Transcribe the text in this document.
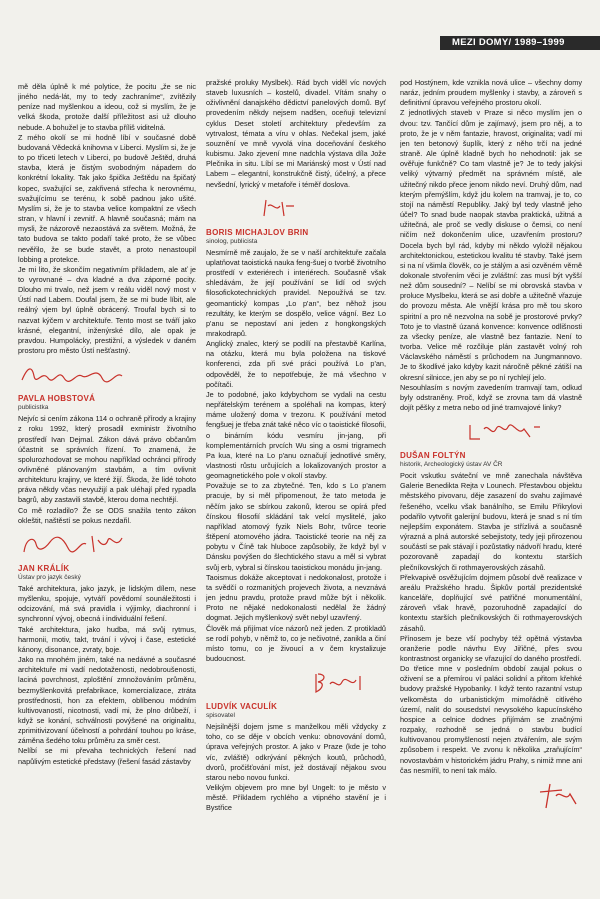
MEZI DOMY/ 1989–1999

mě děla úplně k mé polytice, že pocitu „že se nic jiného nedá-lát, my to tedy zachraníme“, zvítězily peníze nad myšlenkou a ideou, což si myslím, že je velká škoda, protože další příležitost asi už dlouho nebude. A bohužel je to stavba příliš viditelná.

Z mého okolí se mi hodně líbí v současné době budovaná Vědecká knihovna v Liberci. Myslím si, že je to po třiceti letech v Liberci, po budově Ještěd, druhá stavba, která je čistým svobodným nápadem do konkrétní lokality. Tak jako špička Ještědu na špičatý kopec, svažující se, zakřivená střecha k nerovnému, svažujícímu se terénu, k sobě padnou jako ušité. Myslím si, že je to stavba velice kompaktní ze všech stran, v hlavní i zevnitř. A hlavně současná; mám na mysli, že názorově nezaostává za světem. Možná, že tato budova se takto podaří také proto, že se vůbec nevěřilo, že se bude stavět, a proto nenastoupil lobbing a protekce.

Je mi lito, že skončím negativním příkladem, ale ať je to vyrovnané – dva kladné a dva záporné pocity. Dlouho mi trvalo, než jsem v reálu viděl nový most v Ústí nad Labem. Doufal jsem, že se mi bude líbit, ale reálný vjem byl úplně obrácený. Troufal bych si to nazvat kýčem v architektuře. Tento most se tváří jako krásné, elegantní, inženýrské dílo, ale opak je pravdou. Humpolácky, prestižní, a výsledek v daném prostoru pro město Ústí nešťastný.

PAVLA HOBSTOVÁ
publicistka

Nejvíc si cením zákona 114 o ochraně přírody a krajiny z roku 1992, který prosadil exministr životního prostředí Ivan Dejmal. Zákon dává právo občanům účastnit se správních řízení. To znamená, že spolurozhodovat se mohou například ochránci přírody ovlivněné plánovaným stavbám, a tím ovlivnit architekturu krajiny, ve které žijí. Škoda, že lidé tohoto práva někdy včas nevyužijí a pak uléhají před rypadla bagrů, aby zastavili stavbě, kterou doma nechtějí.

Co mě rozladilo? Že se ODS snažila tento zákon okleštit, naštěstí se pokus nezdařil.

JAN KRÁLÍK
Ústav pro jazyk český

Také architektura, jako jazyk, je lidským dílem, nese myšlenku, spojuje, vytváří povědomí sounáležitosti i odcizování, má svá pravidla i výjimky, diachronní i synchronní vývoj, obecná i individuální řešení.

Také architektura, jako hudba, má svůj rytmus, harmonii, motiv, takt, trvání i vývoj i čase, estetické kánony, disonance, zvraty, boje.

Jako na mnohém jiném, také na nedávné a současné architektuře mi vadí nedotaženosti, nedobroušenosti, laciná povrchnost, zploštění zmnožováním průměru, bezmyšlenkovitá prefabrikace, komercializace, ztráta prostřednosti, hon za efektem, oblíbenou módním kultivovaností, nicotnosti, vadí mi, že plno drůbeží, i když se konání, schválnosti povýšené na originalitu, zprimitivizovaní účelností a pohrdání touhou po kráse, záměna šedého toku průměru za směr cest.

Nelíbí se mi převaha technických řešení nad napůlivým estetické představy (řešení fasád zástavby

pražské proluky Myslbek). Rád bych viděl víc nových staveb luxusních – kostelů, divadel. Vítám snahy o oživlivnění danajského dědictví panelových domů. Byť provedením někdy nejsem nadšen, oceňuji televizní cyklus Deset století architektury především za vytrvalost, témata a víru v ohlas. Nečekal jsem, jaké souznění ve mně vyvolá vína doceňování českého kubismu. Jako zjevení mne nadchla výstava díla Jože Plečnika in situ. Líbí se mi Mariánský most v Ústí nad Labem – elegantní, konstrukčně čistý, účelný, a přece nevšední, lyrický v metafoře i téměř doslova.

BORIS MICHAJLOV BRIN
sinolog, publicista

Nesmírně mě zaujalo, že se v naší architektuře začala uplatňovat taoistická nauka feng-šuej o tvorbě životního prostředí v exteriérech i interiérech. Současně však shledávám, že její používání se lidí od svých filosofickotechnických pravidel. Nepoužívá se tzv. geomantický kompas „Lo p'an“, bez něhož jsou rezultáty, ke kterým se dospělo, velice vágní. Bez Lo p'anu se nepostaví ani jeden z hongkongských mrakodrapů.

Anglický znalec, který se podílí na přestavbě Karlína, na otázku, která mu byla položena na tiskové konferenci, zda při své práci používá Lo p'an, odpověděl, že to nepotřebuje, že má všechno v počítači.

Je to podobné, jako kdybychom se vydali na cestu nepřátelským terénem a spoléhali na kompas, který máme uložený doma v trezoru. K používání metod fengšuej je třeba znát také něco víc o taoistické filosofii, o binárním kódu vesmíru jin-jang, při komplementárních prvcích Wu sing a osmi trigramech Pa kua, které na Lo p'anu označují jednotlivé směry, vlastnosti růstu určujících a lokalizovaných prostor a geomagnetického pole v okolí stavby.

Považuje se to za zbytečné. Ten, kdo s Lo p'anem pracuje, by si měl připomenout, že tato metoda je něčím jako se sbírkou zakonů, kterou se opírá před čínskou filosofií skládání tak velcí myslitelé, jako například atomový fyzik Niels Bohr, tvůrce teorie štěpení atomového jádra. Taoistické teorie na něj za pobytu v Číně tak hluboce zapůsobily, že když byl v Dánsku povýšen do šlechtického stavu a měl si vybrat svůj erb, vybral si čínskou taoistickou monádu jin-jang.

Taoismus dokáže akceptovat i nedokonalost, protože i ta svědčí o rozmanitých projevech života, a nevznává jen jednu pravdu, protože pravd může být i několik. Proto ne nějaké nedokonalosti nedělal že žádný dogmat. Jejich myšlenkový svět nebyl uzavřený.

Člověk má přijímat více názorů než jeden. Z protikladů se rodí pohyb, v němž to, co je nečivotné, zanikla a činí místo tomu, co je živoucí a v čem krystalizuje budoucnost.

LUDVÍK VACULÍK
spisovatel

Nejsilnější dojem jsme s manželkou měli vždycky z toho, co se děje v obcích venku: obnovování domů, úprava veřejných prostor. A jako v Praze (kde je toho víc, zvláště) odkrývání pěkných koutů, průchodů, dvorů, pročišťování míst, jež dostávají nějakou svou starou nebo novou funkci.

Velikým objevem pro mne byl Ungelt: to je město v městě. Příkladem rychlého a vtipného stavění je i Bystřice

pod Hostýnem, kde vznikla nová ulice – všechny domy naráz, jedním proudem myšlenky i stavby, a zároveň s definitivní úpravou veřejného prostoru okolí.

Z jednotlivých staveb v Praze si něco myslím jen o dvou: tzv. Tančící dům je zajímavý, jsem pro něj, a to proto, že je v něm fantazie, hravost, originalita; vadí mi jen ten betonový šuplík, který z něho trčí na jedné straně. Ale úplně kladně bych ho nehodnotil: jak se ověřuje funkčně? Co tam vlastně je? Je to tedy jakýsi veliký výtvarný předmět na správném místě, ale užitečný nikdo přece jenom nikdo neví. Druhý dům, nad kterým přemýšlím, když jdu kolem na tramvaj, je to, co stojí na náměstí Republiky. Jaký byl tedy vlastně jeho účel? To snad bude naopak stavba praktická, užitná a užitečná, ale proč se vedly diskuse o čemsi, co není ničím než dokončením ulice, uzavřením prostoru? Docela bych byl rád, kdyby mi někdo vyložil nějakou architektonickou, estetickou kvalitu té stavby. Také jsem si na ní všimla člověk, co je stálým a asi ozvěném věrně dokonale stvořením věci je zvláštní: zas musí být vyšší než dům sousední? – Nelíbí se mi obrovská stavba v proluce Myslbeku, která se asi dobře a užitečně vřazuje do provozu města. Ale vnější krása pro mě tou skoro spiritní a pro ně nezvolna na sobě je prostorové prvky? Toto je to vlastně úzaná konvence: konvence odlišnosti za všecky peníze, ale vlastně bez fantazie. Není to tvorba. Velice mě rozčiluje plán zastavět volný roh Václavského náměstí s průchodem na Jungmannovo. Je to škodlivé jako kdyby kazit náročně pěkné zátiší na okresní silnicce, jen aby se po ní rychlejí jelo.

Nesouhlasím s novým zavedením tramvají tam, odkud byly odstraněny. Proč, když se zrovna tam dá vlastně dojít pěšky z metra nebo od jiné tramvajové linky?

DUŠAN FOLTÝN
historik, Archeologický ústav AV ČR

Pocit vskutku sváteční ve mně zanechala návštěva Galerie Benedikta Rejta v Lounech. Přestavbou objektu městského pivovaru, děje zasazení do svahu zajímavé řešeného, vcelku však banálního, se Emilu Přikrylovi podařilo vytvořit galerijní budovu, která je snad s ní tím nejlepším exponátem. Stavba je střízlivá a současně výrazná a plná autorské sebejistoty, tedy jeji přirozenou součástí se pak stávají i pozůstatky nádvoří hradu, které pozorovaně zapadají do kontextu starších plečníkovských či rothmayerovských zásahů.

Překvapivě osvěžujícím dojmem působí dvě realizace v areálu Pražského hradu. Šipkův portál prezidentské kanceláře, doplňující své patřičné monumentální, zároveň však hravě, pozoruhodně zapadající do kontextu starších plečníkovských či rothmayerovských zásahů.

Přínosem je beze vší pochyby též opětná výstavba oranžerie podle návrhu Evy Jiřičné, přes svou kontrastnost organicky se vřazující do daného prostředí.

Do třetice mne v posledním období zaujal pokus o oživení se a přemírou ví paláci solidní a přitom křehké budovy pražské Hypobanky. I když tento razantní vstup velkoměsta do urbanistickým mimořádně citlivého území, nalit do sousedství nevysokého kapucínského hospice a celnice dodnes přijímám se značnými rozpaky, rozhodně se jedná o stavbu budící kultivovanou promyšleností nejen ztvářením, ale svým způsobem i respekt. Ve zvonu k několika „zraňujícím“ novostavbám v historickém jádru Prahy, s nimiž mne ani čas nesmířil, to není tak málo.
